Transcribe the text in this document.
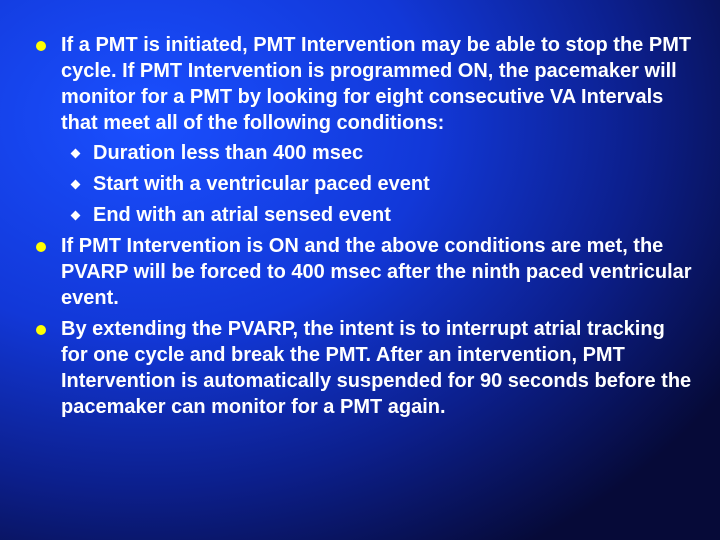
If a PMT is initiated, PMT Intervention may be able to stop the PMT cycle. If PMT Intervention is programmed ON, the pacemaker will monitor for a PMT by looking for eight consecutive VA Intervals that meet all of the following conditions:
Duration less than 400 msec
Start with a ventricular paced event
End with an atrial sensed event
If PMT Intervention is ON and the above conditions are met, the PVARP will be forced to 400 msec after the ninth paced ventricular event.
By extending the PVARP, the intent is to interrupt atrial tracking for one cycle and break the PMT. After an intervention, PMT Intervention is automatically suspended for 90 seconds before the pacemaker can monitor for a PMT again.
